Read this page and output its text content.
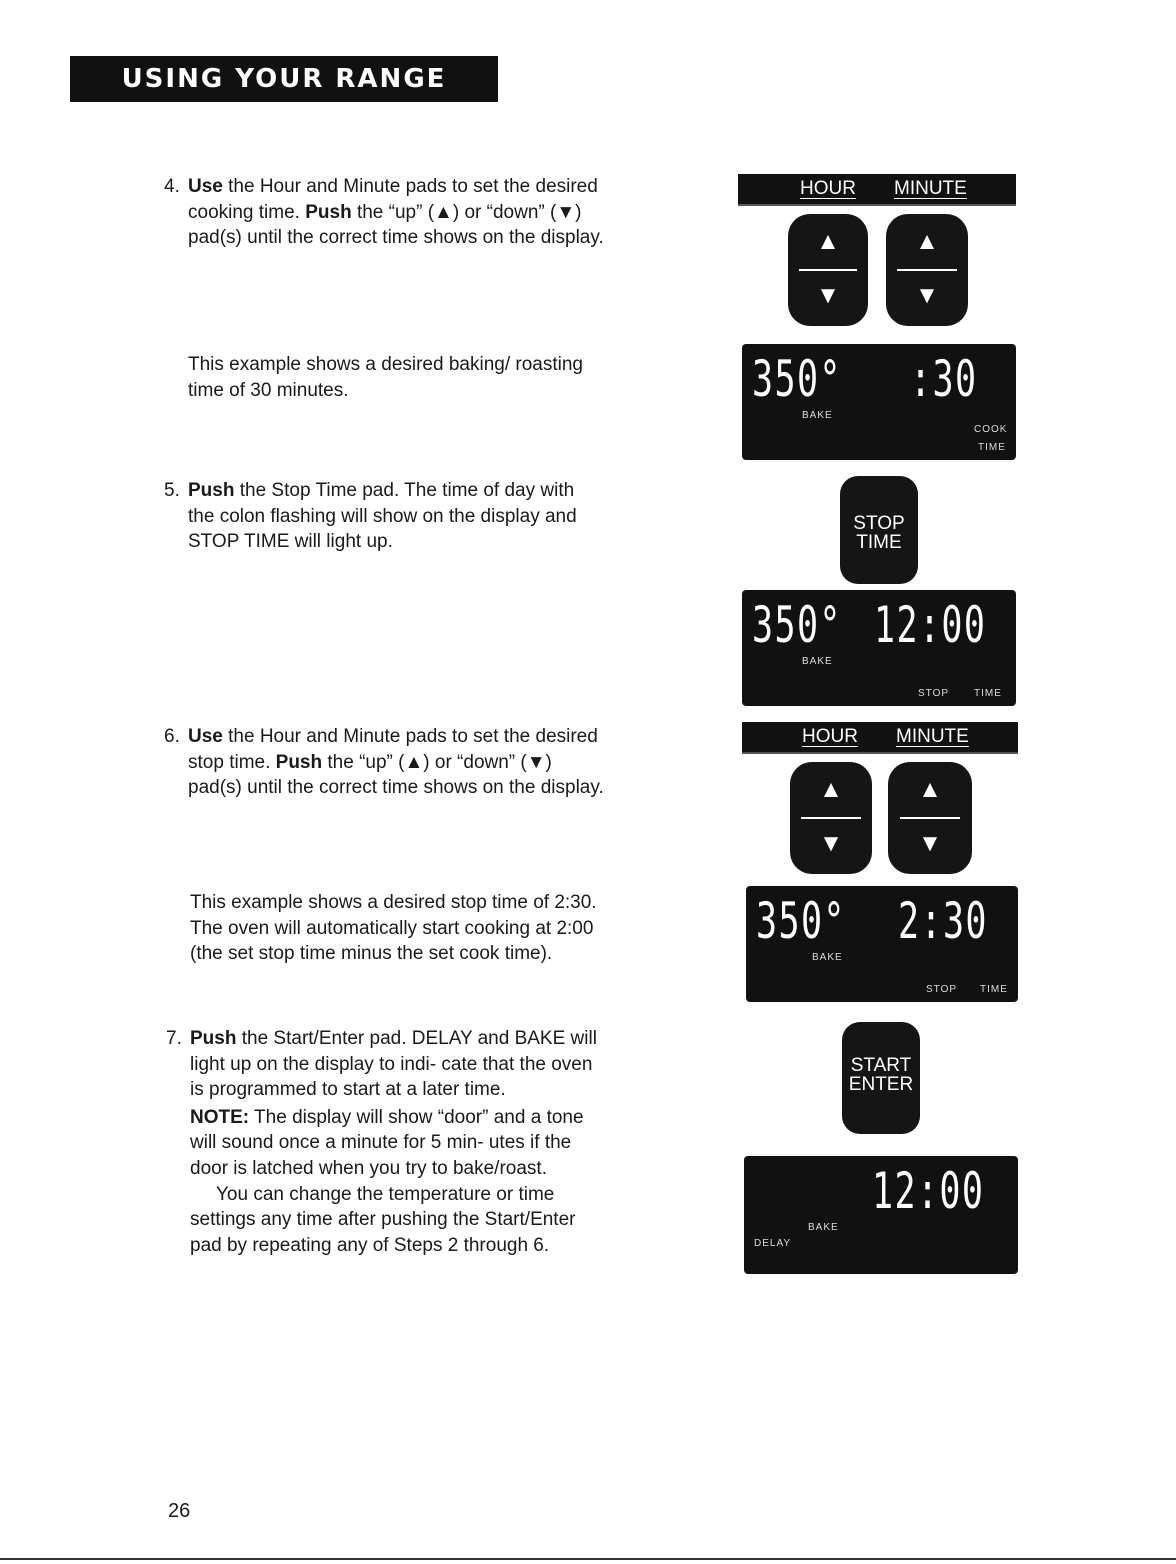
USING YOUR RANGE
4. Use the Hour and Minute pads to set the desired cooking time. Push the “up” (▲) or “down” (▼) pad(s) until the correct time shows on the display.
This example shows a desired baking/ roasting time of 30 minutes.
5. Push the Stop Time pad. The time of day with the colon flashing will show on the display and STOP TIME will light up.
6. Use the Hour and Minute pads to set the desired stop time. Push the “up” (▲) or “down” (▼) pad(s) until the correct time shows on the display.
This example shows a desired stop time of 2:30. The oven will automatically start cooking at 2:00 (the set stop time minus the set cook time).
7. Push the Start/Enter pad. DELAY and BAKE will light up on the display to indi- cate that the oven is programmed to start at a later time.
NOTE: The display will show “door” and a tone will sound once a minute for 5 min- utes if the door is latched when you try to bake/roast.
You can change the temperature or time settings any time after pushing the Start/Enter pad by repeating any of Steps 2 through 6.
HOUR MINUTE
▲
▼
▲
▼
350° :30
BAKE
COOK
TIME
STOP
TIME
350° 12:00
BAKE
STOP TIME
HOUR MINUTE
▲
▼
▲
▼
350° 2:30
BAKE
STOP TIME
START
ENTER
12:00
BAKE
DELAY
26
